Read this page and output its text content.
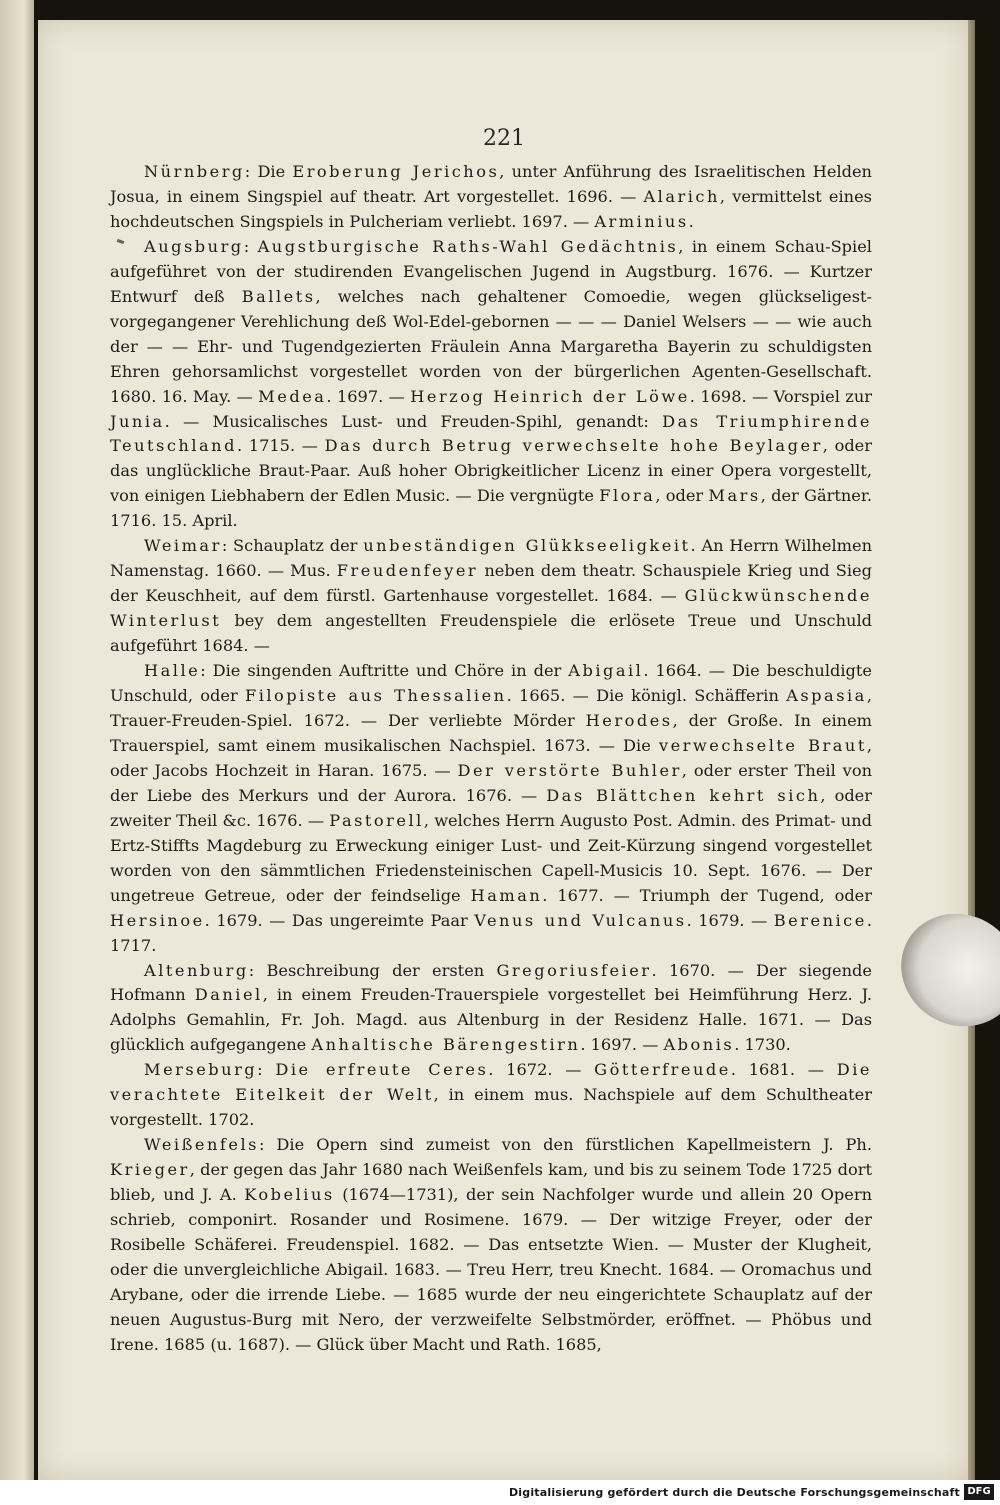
221

Nürnberg: Die Eroberung Jerichos, unter Anführung des Israelitischen Helden Josua, in einem Singspiel auf theatr. Art vorgestellet. 1696. — Alarich, vermittelst eines hochdeutschen Singspiels in Pulcheriam verliebt. 1697. — Arminius.

Augsburg: Augstburgische Raths-Wahl Gedächtnis, in einem Schau-Spiel aufgeführet von der studirenden Evangelischen Jugend in Augstburg. 1676. — Kurtzer Entwurf deß Ballets, welches nach gehaltener Comoedie, wegen glückseligest-vorgegangener Verehlichung deß Wol-Edel-gebornen — — — Daniel Welsers — — wie auch der — — Ehr- und Tugendgezierten Fräulein Anna Margaretha Bayerin zu schuldigsten Ehren gehorsamlichst vorgestellet worden von der bürgerlichen Agenten-Gesellschaft. 1680. 16. May. — Medea. 1697. — Herzog Heinrich der Löwe. 1698. — Vorspiel zur Junia. — Musicalisches Lust- und Freuden-Spihl, genandt: Das Triumphirende Teutschland. 1715. — Das durch Betrug verwechselte hohe Beylager, oder das unglückliche Braut-Paar. Auß hoher Obrigkeitlicher Licenz in einer Opera vorgestellt, von einigen Liebhabern der Edlen Music. — Die vergnügte Flora, oder Mars, der Gärtner. 1716. 15. April.

Weimar: Schauplatz der unbeständigen Glükkseeligkeit. An Herrn Wilhelmen Namenstag. 1660. — Mus. Freudenfeyer neben dem theatr. Schauspiele Krieg und Sieg der Keuschheit, auf dem fürstl. Gartenhause vorgestellet. 1684. — Glückwünschende Winterlust bey dem angestellten Freudenspiele die erlösete Treue und Unschuld aufgeführt 1684. —

Halle: Die singenden Auftritte und Chöre in der Abigail. 1664. — Die beschuldigte Unschuld, oder Filopiste aus Thessalien. 1665. — Die königl. Schäfferin Aspasia, Trauer-Freuden-Spiel. 1672. — Der verliebte Mörder Herodes, der Große. In einem Trauerspiel, samt einem musikalischen Nachspiel. 1673. — Die verwechselte Braut, oder Jacobs Hochzeit in Haran. 1675. — Der verstörte Buhler, oder erster Theil von der Liebe des Merkurs und der Aurora. 1676. — Das Blättchen kehrt sich, oder zweiter Theil &c. 1676. — Pastorell, welches Herrn Augusto Post. Admin. des Primat- und Ertz-Stiffts Magdeburg zu Erweckung einiger Lust- und Zeit-Kürzung singend vorgestellet worden von den sämmtlichen Friedensteinischen Capell-Musicis 10. Sept. 1676. — Der ungetreue Getreue, oder der feindselige Haman. 1677. — Triumph der Tugend, oder Hersinoe. 1679. — Das ungereimte Paar Venus und Vulcanus. 1679. — Berenice. 1717.

Altenburg: Beschreibung der ersten Gregoriusfeier. 1670. — Der siegende Hofmann Daniel, in einem Freuden-Trauerspiele vorgestellet bei Heimführung Herz. J. Adolphs Gemahlin, Fr. Joh. Magd. aus Altenburg in der Residenz Halle. 1671. — Das glücklich aufgegangene Anhaltische Bärengestirn. 1697. — Abonis. 1730.

Merseburg: Die erfreute Ceres. 1672. — Götterfreude. 1681. — Die verachtete Eitelkeit der Welt, in einem mus. Nachspiele auf dem Schultheater vorgestellt. 1702.

Weißenfels: Die Opern sind zumeist von den fürstlichen Kapellmeistern J. Ph. Krieger, der gegen das Jahr 1680 nach Weißenfels kam, und bis zu seinem Tode 1725 dort blieb, und J. A. Kobelius (1674—1731), der sein Nachfolger wurde und allein 20 Opern schrieb, componirt. Rosander und Rosimene. 1679. — Der witzige Freyer, oder der Rosibelle Schäferei. Freudenspiel. 1682. — Das entsetzte Wien. — Muster der Klugheit, oder die unvergleichliche Abigail. 1683. — Treu Herr, treu Knecht. 1684. — Oromachus und Arybane, oder die irrende Liebe. — 1685 wurde der neu eingerichtete Schauplatz auf der neuen Augustus-Burg mit Nero, der verzweifelte Selbstmörder, eröffnet. — Phöbus und Irene. 1685 (u. 1687). — Glück über Macht und Rath. 1685,

Digitalisierung gefördert durch die Deutsche Forschungsgemeinschaft DFG
